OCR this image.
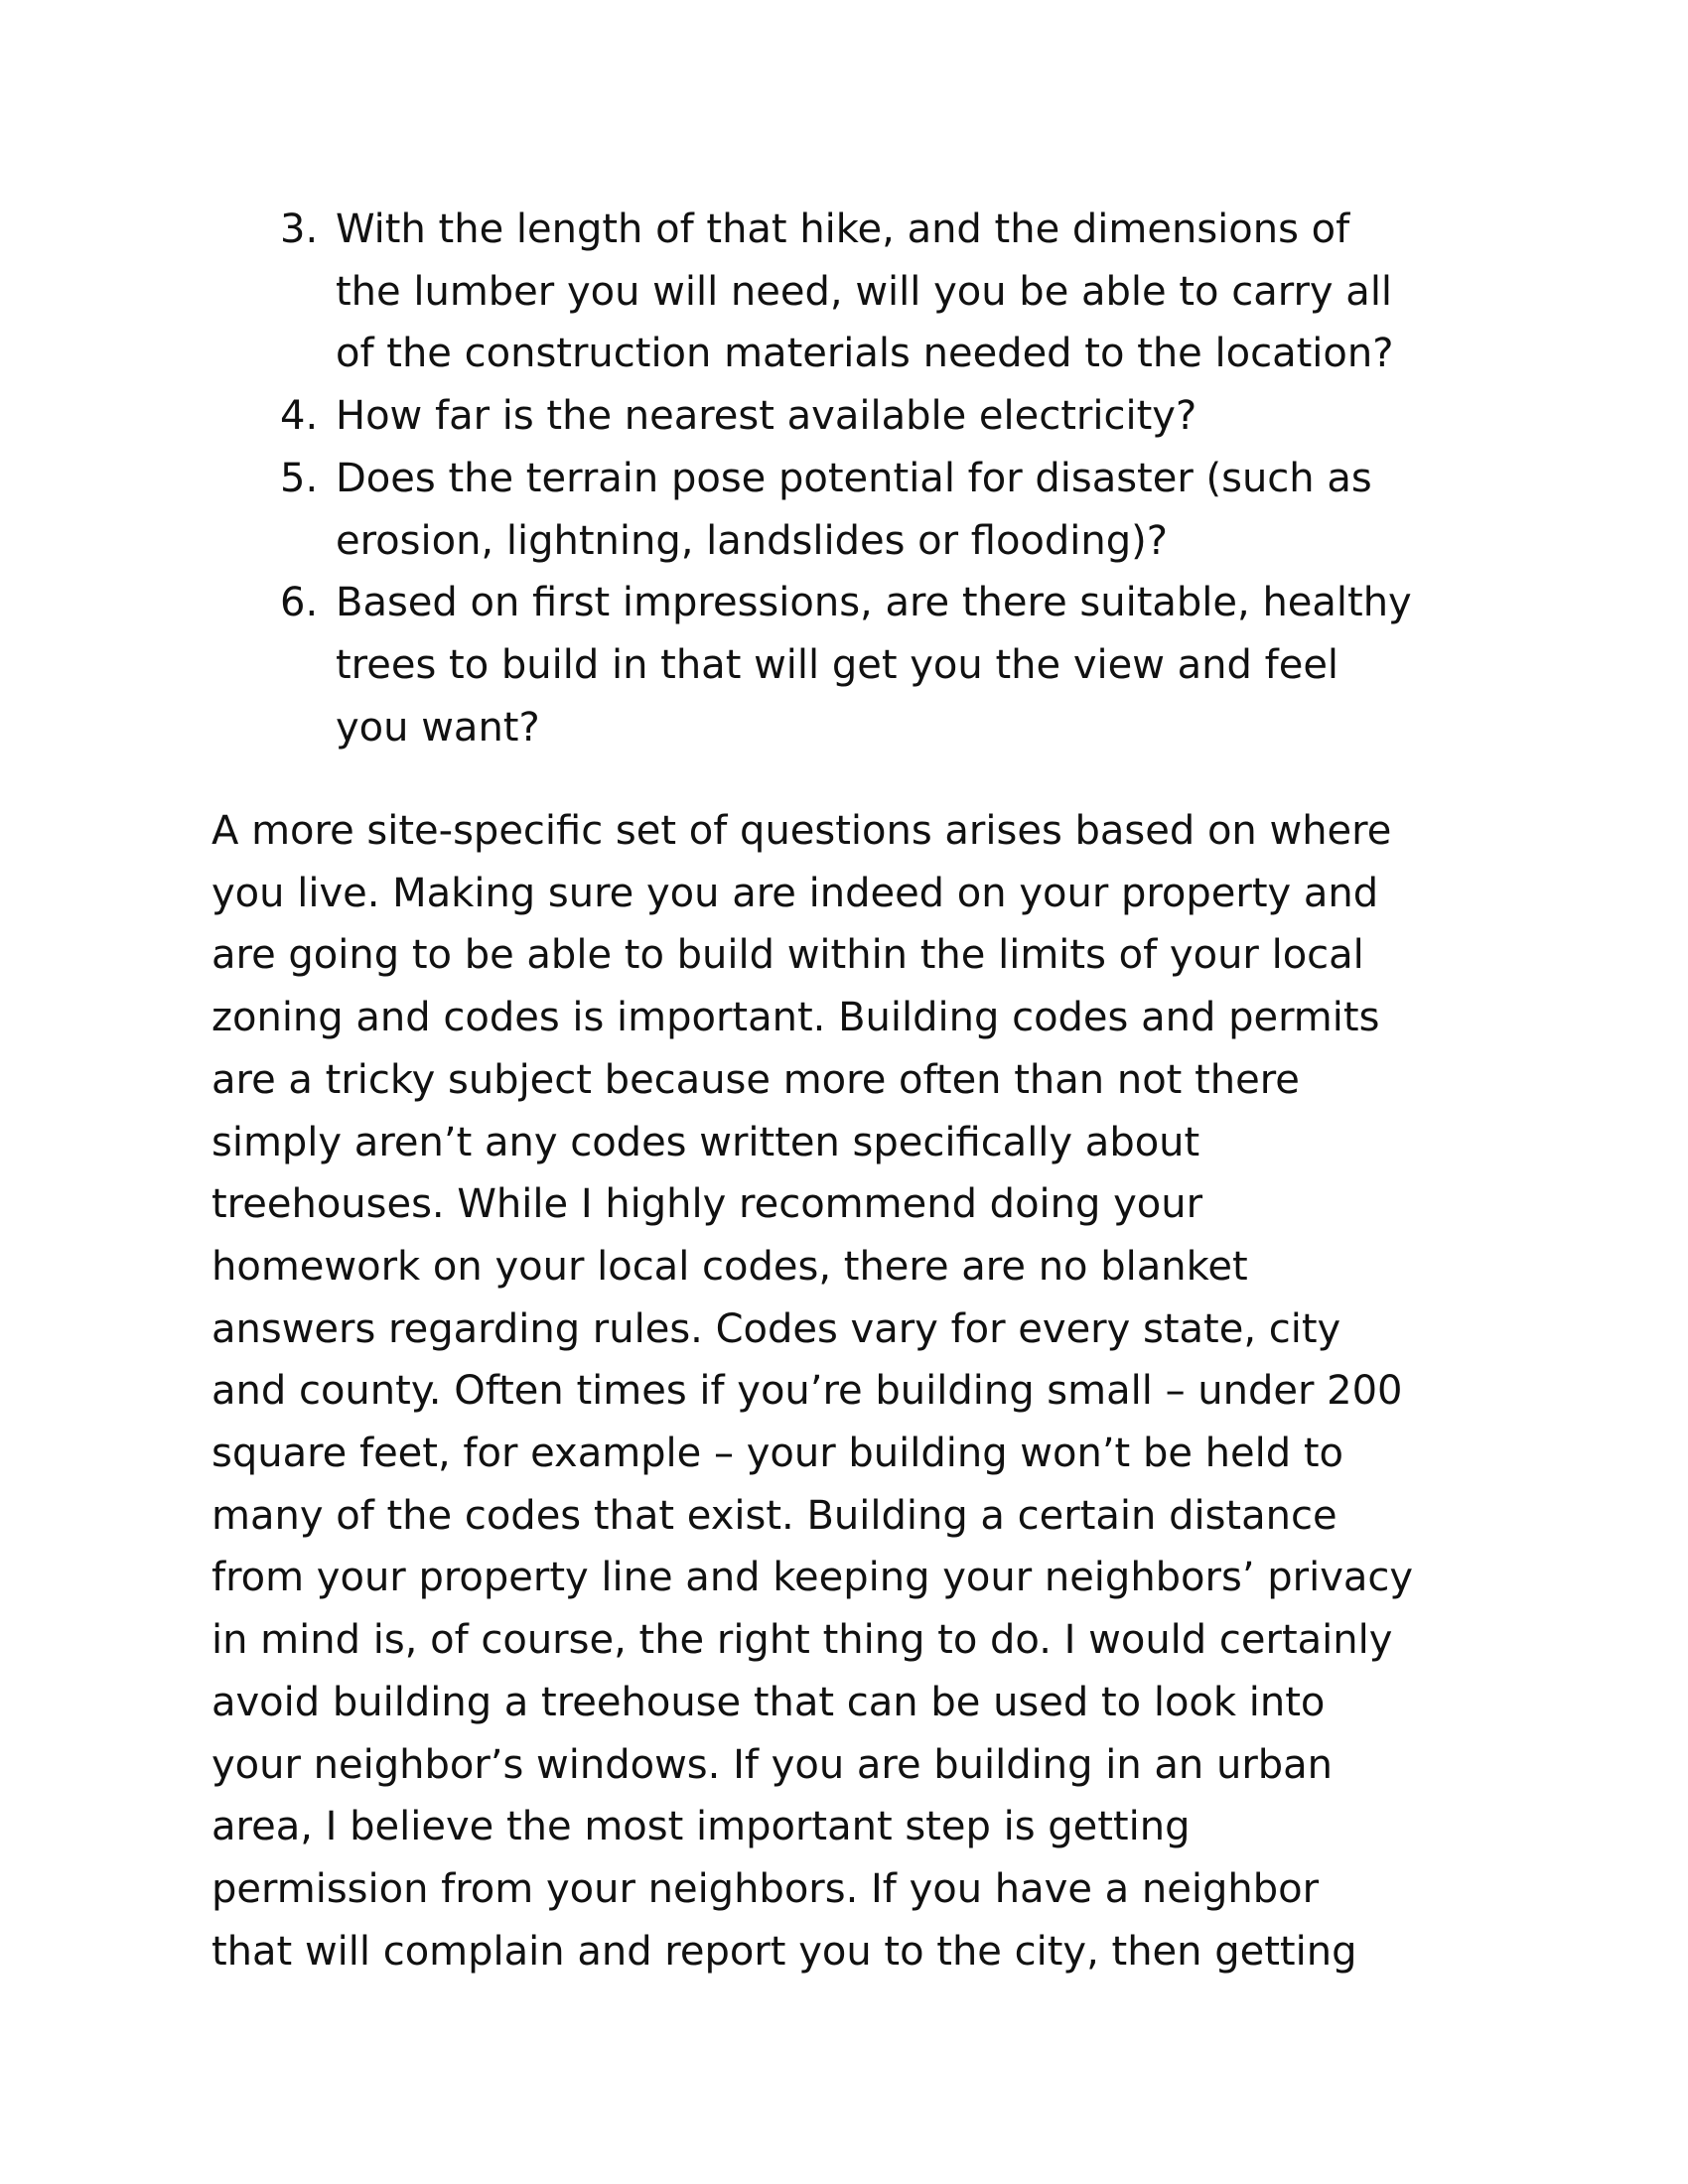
3. With the length of that hike, and the dimensions of
the lumber you will need, will you be able to carry all
of the construction materials needed to the location?
4. How far is the nearest available electricity?
5. Does the terrain pose potential for disaster (such as
erosion, lightning, landslides or flooding)?
6. Based on first impressions, are there suitable, healthy
trees to build in that will get you the view and feel
you want?
A more site-specific set of questions arises based on where
you live. Making sure you are indeed on your property and
are going to be able to build within the limits of your local
zoning and codes is important. Building codes and permits
are a tricky subject because more often than not there
simply aren’t any codes written specifically about
treehouses. While I highly recommend doing your
homework on your local codes, there are no blanket
answers regarding rules. Codes vary for every state, city
and county. Often times if you’re building small – under 200
square feet, for example – your building won’t be held to
many of the codes that exist. Building a certain distance
from your property line and keeping your neighbors’ privacy
in mind is, of course, the right thing to do. I would certainly
avoid building a treehouse that can be used to look into
your neighbor’s windows. If you are building in an urban
area, I believe the most important step is getting
permission from your neighbors. If you have a neighbor
that will complain and report you to the city, then getting
